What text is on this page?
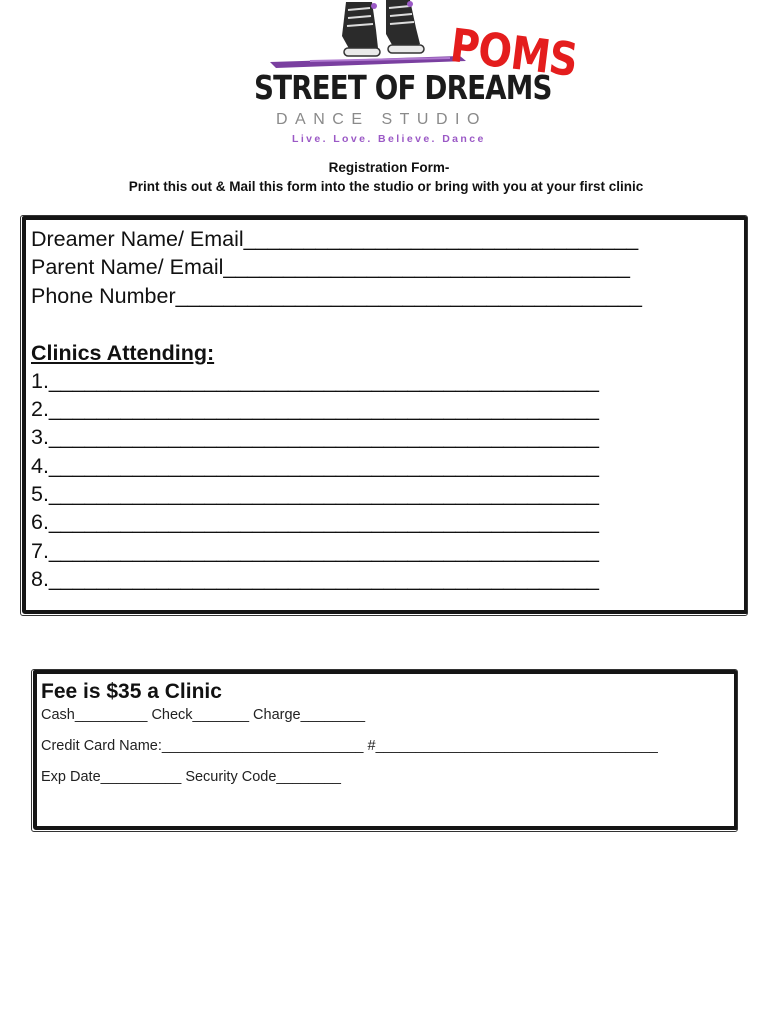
STREET OF DREAMS
DANCE STUDIO
Live. Love. Believe. Dance
POMS
Registration Form-
Print this out & Mail this form into the studio or bring with you at your first clinic
Dreamer Name/ Email_________________________________
Parent Name/ Email__________________________________
Phone Number_______________________________________
Clinics Attending:
1.______________________________________________
2.______________________________________________
3.______________________________________________
4.______________________________________________
5.______________________________________________
6.______________________________________________
7.______________________________________________
8.______________________________________________
Fee is $35 a Clinic
Cash_________ Check_______ Charge________
Credit Card Name:_________________________ #___________________________________
Exp Date__________ Security Code________
